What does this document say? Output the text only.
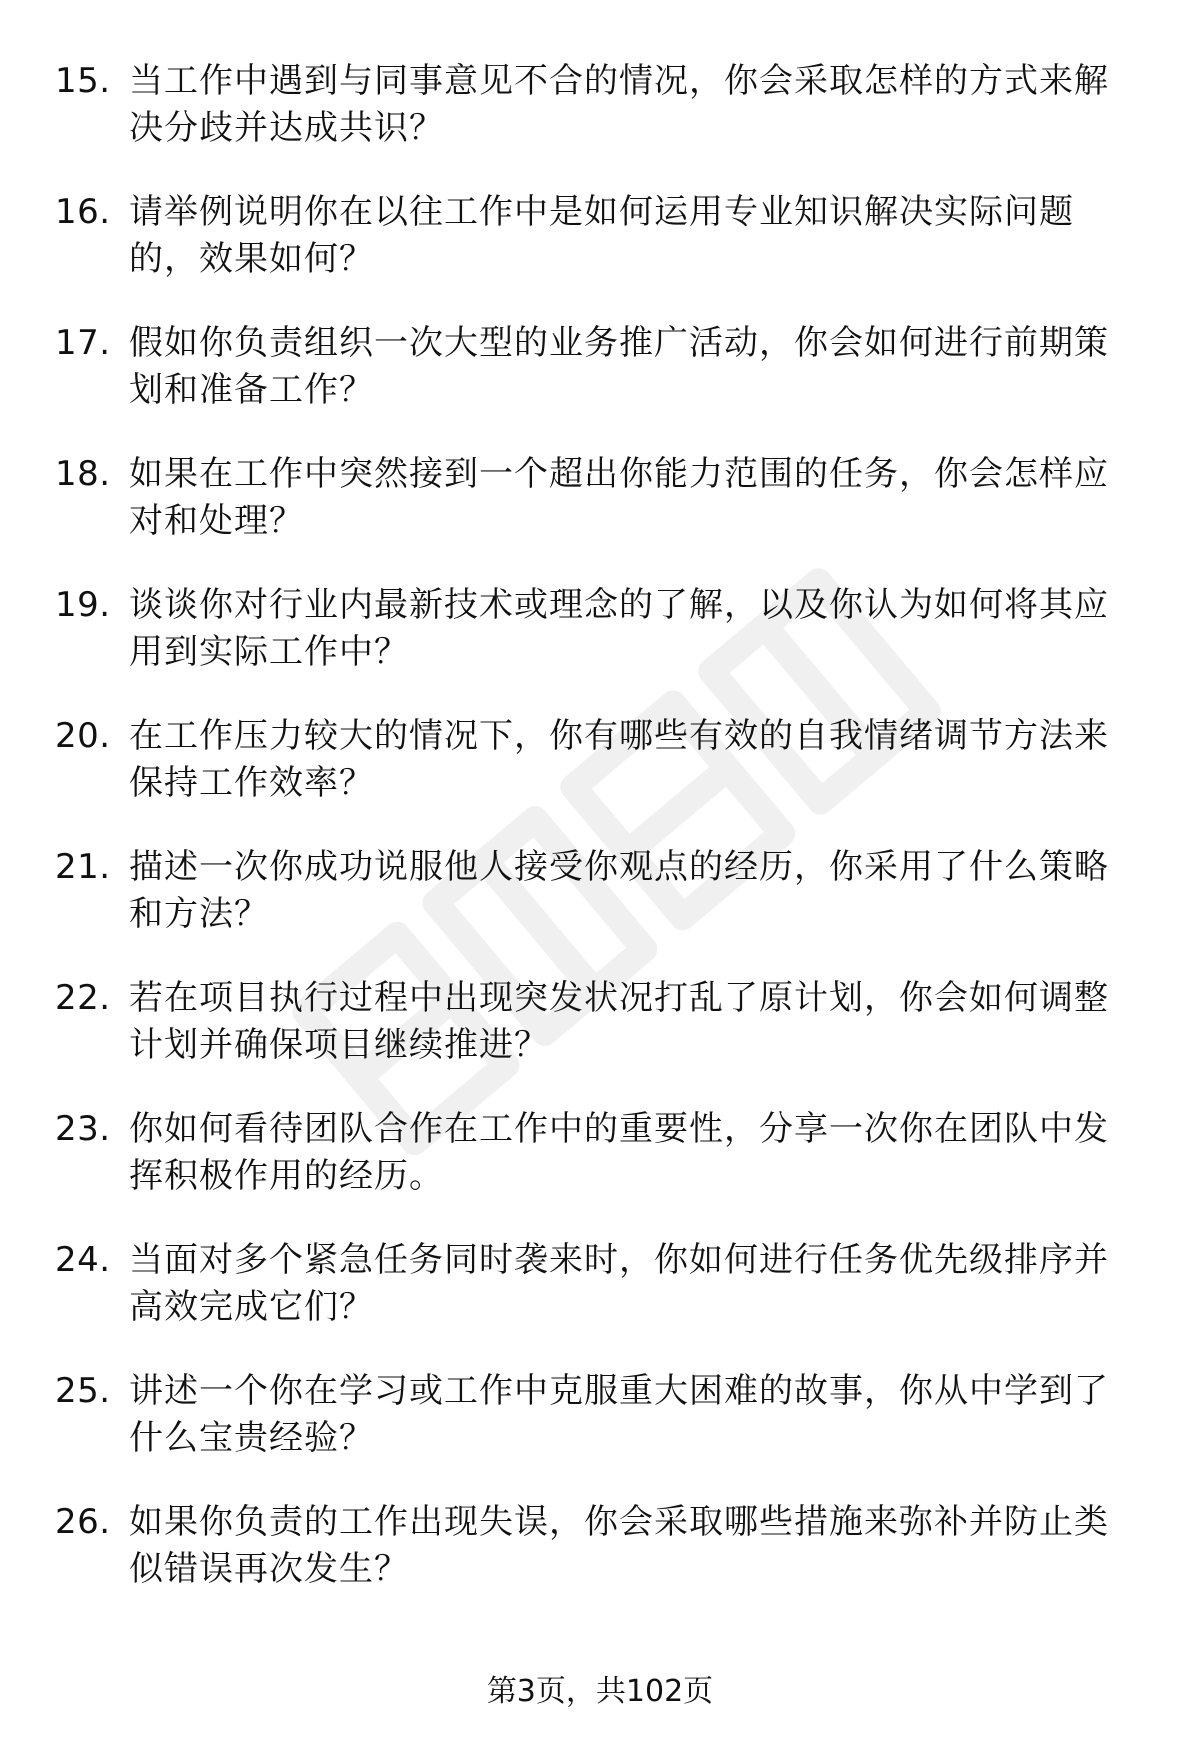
15. 当工作中遇到与同事意见不合的情况，你会采取怎样的方式来解决分歧并达成共识？
16. 请举例说明你在以往工作中是如何运用专业知识解决实际问题的，效果如何？
17. 假如你负责组织一次大型的业务推广活动，你会如何进行前期策划和准备工作？
18. 如果在工作中突然接到一个超出你能力范围的任务，你会怎样应对和处理？
19. 谈谈你对行业内最新技术或理念的了解，以及你认为如何将其应用到实际工作中？
20. 在工作压力较大的情况下，你有哪些有效的自我情绪调节方法来保持工作效率？
21. 描述一次你成功说服他人接受你观点的经历，你采用了什么策略和方法？
22. 若在项目执行过程中出现突发状况打乱了原计划，你会如何调整计划并确保项目继续推进？
23. 你如何看待团队合作在工作中的重要性，分享一次你在团队中发挥积极作用的经历。
24. 当面对多个紧急任务同时袭来时，你如何进行任务优先级排序并高效完成它们？
25. 讲述一个你在学习或工作中克服重大困难的故事，你从中学到了什么宝贵经验？
26. 如果你负责的工作出现失误，你会采取哪些措施来弥补并防止类似错误再次发生？
第3页，共102页
